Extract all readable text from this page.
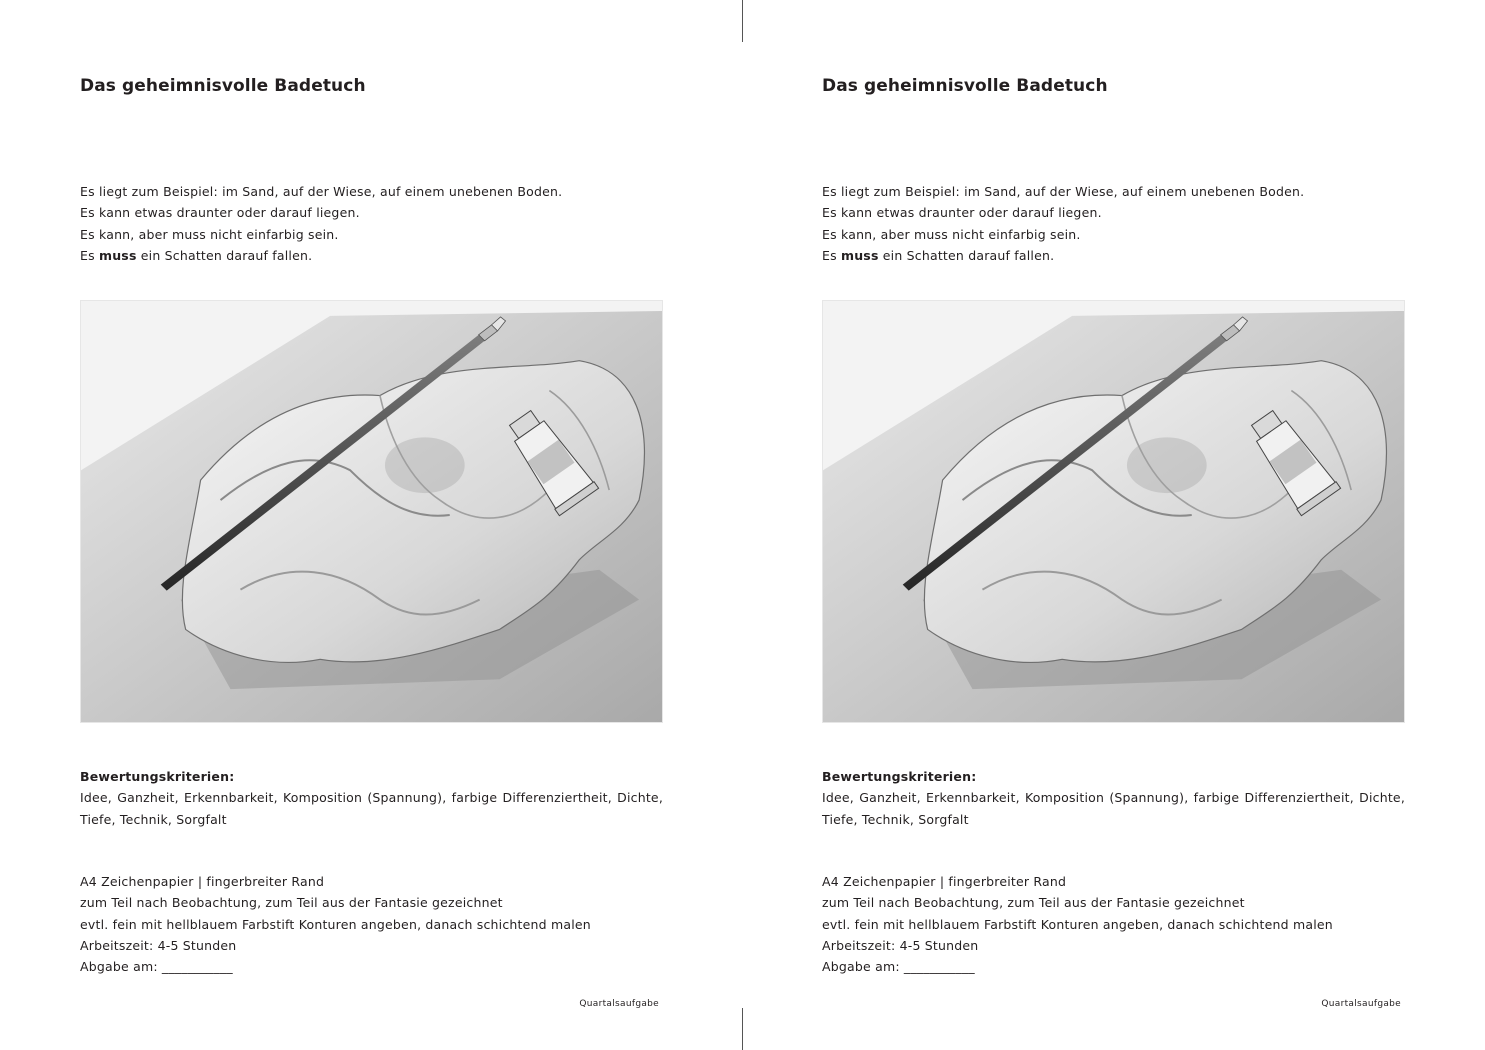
Das geheimnisvolle Badetuch
Es liegt zum Beispiel: im Sand, auf der Wiese, auf einem unebenen Boden.
Es kann etwas draunter oder darauf liegen.
Es kann, aber muss nicht einfarbig sein.
Es muss ein Schatten darauf fallen.
Bewertungskriterien:
Idee, Ganzheit, Erkennbarkeit, Komposition (Spannung), farbige Differenziertheit, Dichte, Tiefe, Technik, Sorgfalt
A4 Zeichenpapier | fingerbreiter Rand
zum Teil nach Beobachtung, zum Teil aus der Fantasie gezeichnet
evtl. fein mit hellblauem Farbstift Konturen angeben, danach schichtend malen
Arbeitszeit: 4-5 Stunden
Abgabe am: ___________
Quartalsaufgabe
Das geheimnisvolle Badetuch
Es liegt zum Beispiel: im Sand, auf der Wiese, auf einem unebenen Boden.
Es kann etwas draunter oder darauf liegen.
Es kann, aber muss nicht einfarbig sein.
Es muss ein Schatten darauf fallen.
Bewertungskriterien:
Idee, Ganzheit, Erkennbarkeit, Komposition (Spannung), farbige Differenziertheit, Dichte, Tiefe, Technik, Sorgfalt
A4 Zeichenpapier | fingerbreiter Rand
zum Teil nach Beobachtung, zum Teil aus der Fantasie gezeichnet
evtl. fein mit hellblauem Farbstift Konturen angeben, danach schichtend malen
Arbeitszeit: 4-5 Stunden
Abgabe am: ___________
Quartalsaufgabe
